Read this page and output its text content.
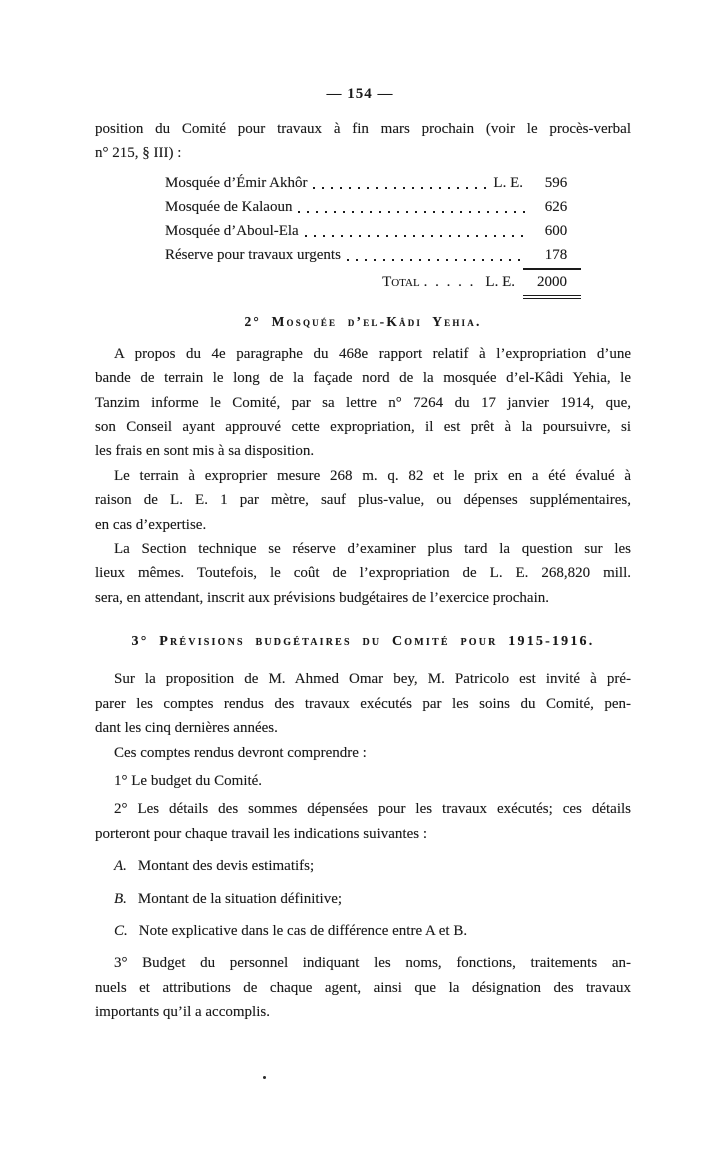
— 154 —

position du Comité pour travaux à fin mars prochain (voir le procès-verbal

n° 215, § III) :

Mosquée d’Émir Akhôr	L. E.	596
Mosquée de Kalaoun	626
Mosquée d’Aboul-Ela	600
Réserve pour travaux urgents	178
Total . . . . . L. E.	2000
2° Mosquée d’el-Kâdi Yehia.

A propos du 4e paragraphe du 468e rapport relatif à l’expropriation d’une

bande de terrain le long de la façade nord de la mosquée d’el-Kâdi Yehia, le

Tanzim informe le Comité, par sa lettre n° 7264 du 17 janvier 1914, que,

son Conseil ayant approuvé cette expropriation, il est prêt à la poursuivre, si

les frais en sont mis à sa disposition.

Le terrain à exproprier mesure 268 m. q. 82 et le prix en a été évalué à

raison de L. E. 1 par mètre, sauf plus-value, ou dépenses supplémentaires,

en cas d’expertise.

La Section technique se réserve d’examiner plus tard la question sur les

lieux mêmes. Toutefois, le coût de l’expropriation de L. E. 268,820 mill.

sera, en attendant, inscrit aux prévisions budgétaires de l’exercice prochain.

3° Prévisions budgétaires du Comité pour 1915-1916.

Sur la proposition de M. Ahmed Omar bey, M. Patricolo est invité à pré-

parer les comptes rendus des travaux exécutés par les soins du Comité, pen-

dant les cinq dernières années.

Ces comptes rendus devront comprendre :

1° Le budget du Comité.

2° Les détails des sommes dépensées pour les travaux exécutés; ces détails

porteront pour chaque travail les indications suivantes :

A. Montant des devis estimatifs;
B. Montant de la situation définitive;
C. Note explicative dans le cas de différence entre A et B.

3° Budget du personnel indiquant les noms, fonctions, traitements an-

nuels et attributions de chaque agent, ainsi que la désignation des travaux

importants qu’il a accomplis.
